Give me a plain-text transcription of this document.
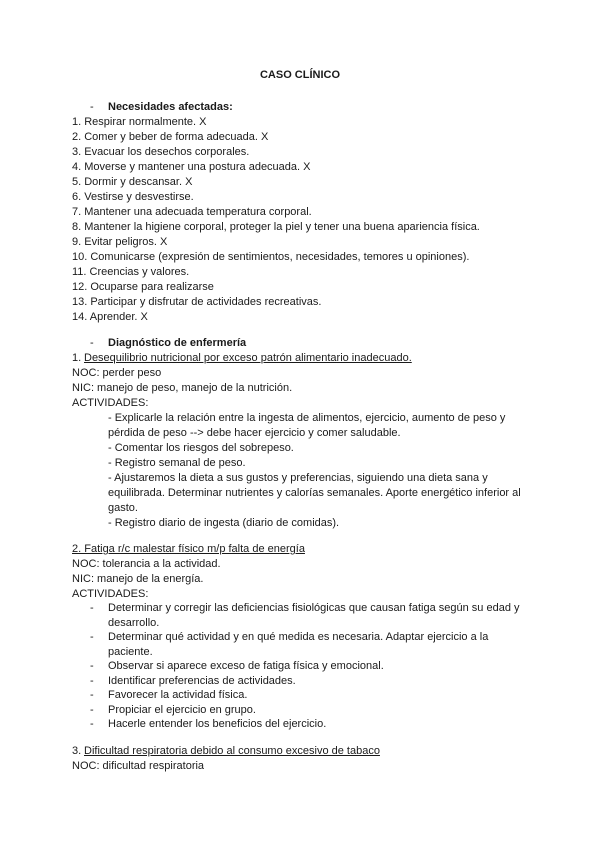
CASO CLÍNICO
- Necesidades afectadas:
1. Respirar normalmente. X
2. Comer y beber de forma adecuada. X
3. Evacuar los desechos corporales.
4. Moverse y mantener una postura adecuada. X
5. Dormir y descansar. X
6. Vestirse y desvestirse.
7. Mantener una adecuada temperatura corporal.
8. Mantener la higiene corporal, proteger la piel y tener una buena apariencia física.
9. Evitar peligros. X
10. Comunicarse (expresión de sentimientos, necesidades, temores u opiniones).
11. Creencias y valores.
12. Ocuparse para realizarse
13. Participar y disfrutar de actividades recreativas.
14. Aprender. X
- Diagnóstico de enfermería
1. Desequilibrio nutricional por exceso patrón alimentario inadecuado.
NOC: perder peso
NIC: manejo de peso, manejo de la nutrición.
ACTIVIDADES:
- Explicarle la relación entre la ingesta de alimentos, ejercicio, aumento de peso y
pérdida de peso --> debe hacer ejercicio y comer saludable.
- Comentar los riesgos del sobrepeso.
- Registro semanal de peso.
- Ajustaremos la dieta a sus gustos y preferencias, siguiendo una dieta sana y
equilibrada. Determinar nutrientes y calorías semanales. Aporte energético inferior al
gasto.
- Registro diario de ingesta (diario de comidas).
2. Fatiga r/c malestar físico m/p falta de energía
NOC: tolerancia a la actividad.
NIC: manejo de la energía.
ACTIVIDADES:
- Determinar y corregir las deficiencias fisiológicas que causan fatiga según su edad y
desarrollo.
- Determinar qué actividad y en qué medida es necesaria. Adaptar ejercicio a la
paciente.
- Observar si aparece exceso de fatiga física y emocional.
- Identificar preferencias de actividades.
- Favorecer la actividad física.
- Propiciar el ejercicio en grupo.
- Hacerle entender los beneficios del ejercicio.
3. Dificultad respiratoria debido al consumo excesivo de tabaco
NOC: dificultad respiratoria
